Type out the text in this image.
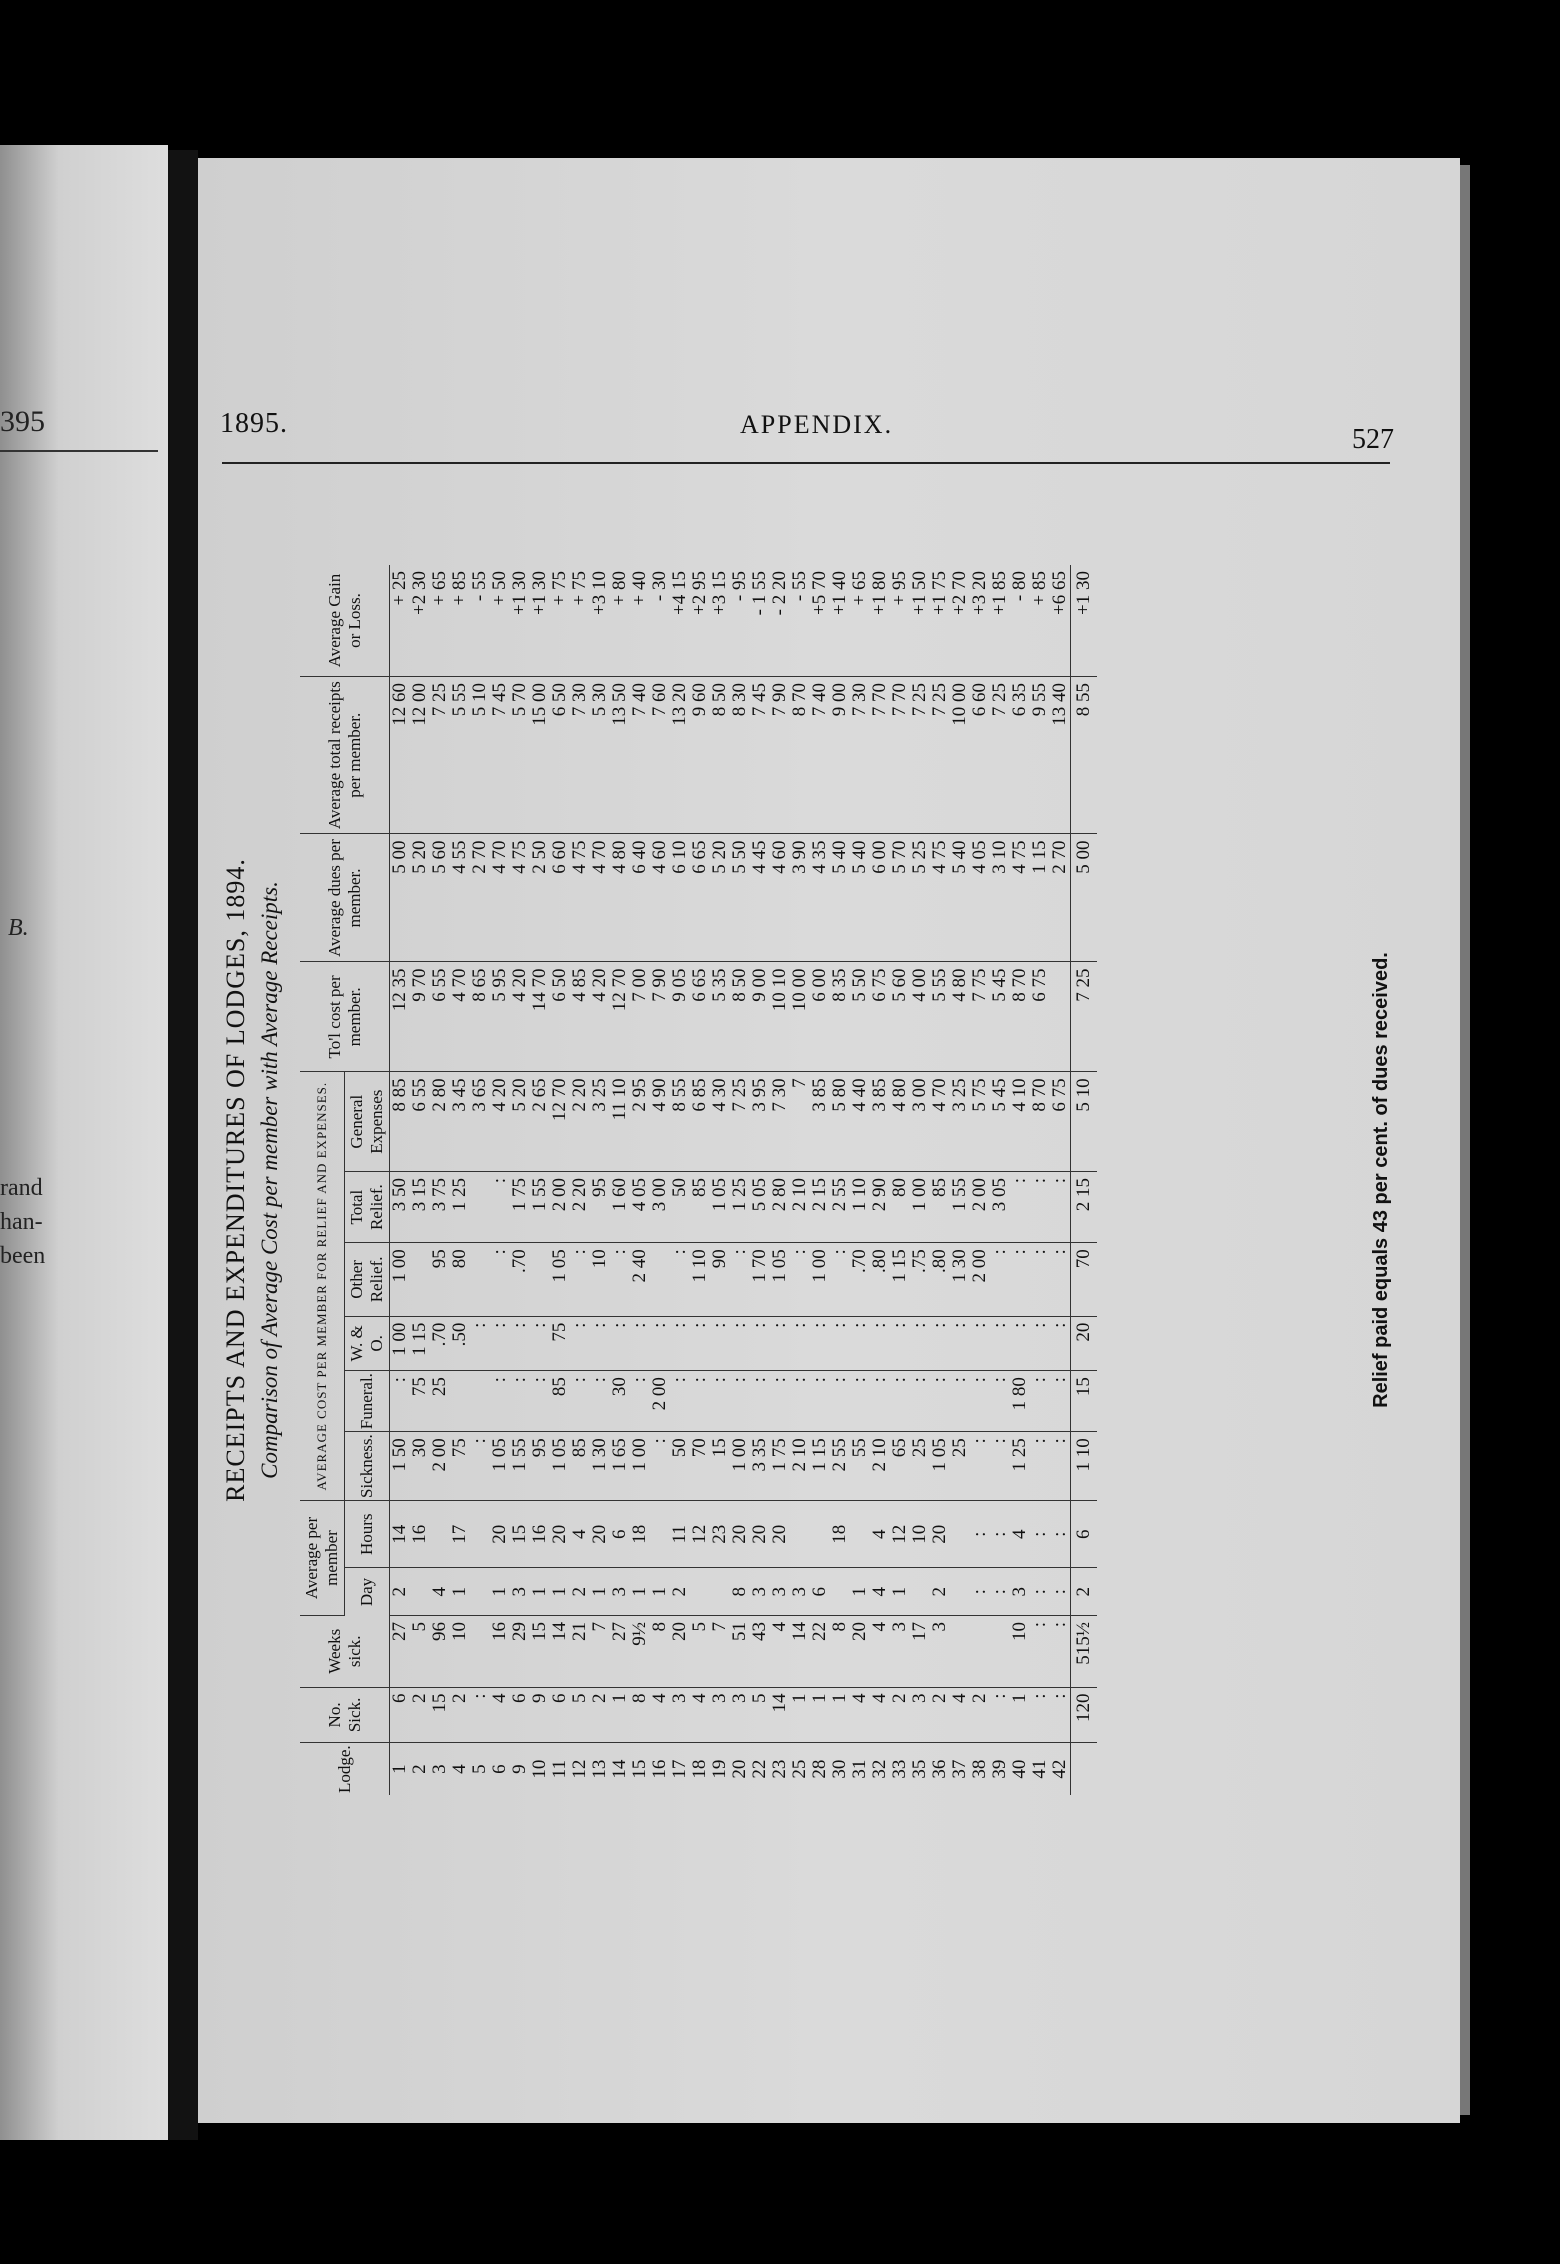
395
B.
rand
han-
been
1895.	APPENDIX.	527
RECEIPTS AND EXPENDITURES OF LODGES, 1894. Comparison of Average Cost per member with Average Receipts.
Lodge.	No. Sick.	Weeks sick.	Average per member		AVERAGE COST PER MEMBER FOR RELIEF AND EXPENSES.						To'l cost per member.	Average dues per member.	Average total receipts per member.	Average Gain or Loss.
			Day	Hours	Sickness.	Funeral.	W. & O.	Other Relief.	Total Relief.	General Expenses				
1	6	27	2	14	1 50	:	1 00	1 00	3 50	8 85	12 35	5 00	12 60	+ 25
2	2	5		16	30	75	1 15		3 15	6 55	9 70	5 20	12 00	+2 30
3	15	96	4		2 00	25	.70	95	3 75	2 80	6 55	5 60	7 25	+ 65
4	2	10	1	17	75		.50	80	1 25	3 45	4 70	4 55	5 55	+ 85
5	:				:		:			3 65	8 65	2 70	5 10	- 55
6	4	16	1	20	1 05	:	:	:	:	4 20	5 95	4 70	7 45	+ 50
9	6	29	3	15	1 55	:	:	.70	1 75	5 20	4 20	4 75	5 70	+1 30
10	9	15	1	16	95	:	:		1 55	2 65	14 70	2 50	15 00	+1 30
11	6	14	1	20	1 05	85	75	1 05	2 00	12 70	6 50	6 60	6 50	+ 75
12	5	21	2	4	85	:	:	:	2 20	2 20	4 85	4 75	7 30	+ 75
13	2	7	1	20	1 30	:	:	10	95	3 25	4 20	4 70	5 30	+3 10
14	1	27	3	6	1 65	30	:	:	1 60	11 10	12 70	4 80	13 50	+ 80
15	8	9½	1	18	1 00	:	:	2 40	4 05	2 95	7 00	6 40	7 40	+ 40
16	4	8	1		:	2 00	:		3 00	4 90	7 90	4 60	7 60	- 30
17	3	20	2	11	50	:	:	:	50	8 55	9 05	6 10	13 20	+4 15
18	4	5		12	70	:	:	1 10	85	6 85	6 65	6 65	9 60	+2 95
19	3	7		23	15	:	:	90	1 05	4 30	5 35	5 20	8 50	+3 15
20	3	51	8	20	1 00	:	:	:	1 25	7 25	8 50	5 50	8 30	- 95
22	5	43	3	20	3 35	:	:	1 70	5 05	3 95	9 00	4 45	7 45	- 1 55
23	14	4	3	20	1 75	:	:	1 05	2 80	7 30	10 10	4 60	7 90	- 2 20
25	1	14	3		2 10	:	:	:	2 10	7	10 00	3 90	8 70	- 55
28	1	22	6		1 15	:	:	1 00	2 15	3 85	6 00	4 35	7 40	+5 70
30	1	8		18	2 55	:	:	:	2 55	5 80	8 35	5 40	9 00	+1 40
31	4	20	1		55	:	:	.70	1 10	4 40	5 50	5 40	7 30	+ 65
32	4	4	4	4	2 10	:	:	.80	2 90	3 85	6 75	6 00	7 70	+1 80
33	2	3	1	12	65	:	:	1 15	80	4 80	5 60	5 70	7 70	+ 95
35	3	17		10	25	:	:	.75	1 00	3 00	4 00	5 25	7 25	+1 50
36	2	3	2	20	1 05	:	:	.80	85	4 70	5 55	4 75	7 25	+1 75
37	4				25	:	:	1 30	1 55	3 25	4 80	5 40	10 00	+2 70
38	2		:	:	:	:	:	2 00	2 00	5 75	7 75	4 05	6 60	+3 20
39	:		:	:	:	:	:	:	3 05	5 45	5 45	3 10	7 25	+1 85
40	1	10	3	4	1 25	1 80	:	:	:	4 10	8 70	4 75	6 35	- 80
41	:	:	:	:	:	:	:	:	:	8 70	6 75	1 15	9 55	+ 85
42	:	:	:	:	:	:	:	:	:	6 75		2 70	13 40	+6 65
	120	515½	2	6	1 10	15	20	70	2 15	5 10	7 25	5 00	8 55	+1 30
Relief paid equals 43 per cent. of dues received.
